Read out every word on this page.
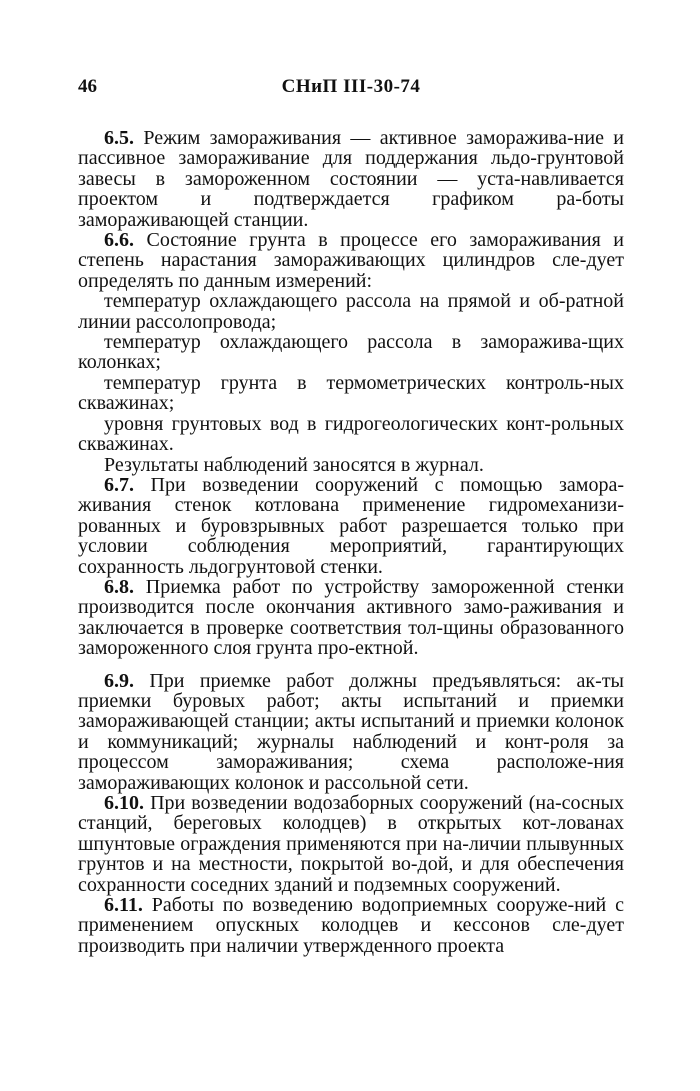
46	СНиП III-30-74

6.5. Режим замораживания — активное заморажива-ние и пассивное замораживание для поддержания льдо-грунтовой завесы в замороженном состоянии — уста-навливается проектом и подтверждается графиком ра-боты замораживающей станции.

6.6. Состояние грунта в процессе его замораживания и степень нарастания замораживающих цилиндров сле-дует определять по данным измерений:

температур охлаждающего рассола на прямой и об-ратной линии рассолопровода;

температур охлаждающего рассола в заморажива-щих колонках;

температур грунта в термометрических контроль-ных скважинах;

уровня грунтовых вод в гидрогеологических конт-рольных скважинах.

Результаты наблюдений заносятся в журнал.

6.7. При возведении сооружений с помощью замора-живания стенок котлована применение гидромеханизи-рованных и буровзрывных работ разрешается только при условии соблюдения мероприятий, гарантирующих сохранность льдогрунтовой стенки.

6.8. Приемка работ по устройству замороженной стенки производится после окончания активного замо-раживания и заключается в проверке соответствия тол-щины образованного замороженного слоя грунта про-ектной.

6.9. При приемке работ должны предъявляться: ак-ты приемки буровых работ; акты испытаний и приемки замораживающей станции; акты испытаний и приемки колонок и коммуникаций; журналы наблюдений и конт-роля за процессом замораживания; схема расположе-ния замораживающих колонок и рассольной сети.

6.10. При возведении водозаборных сооружений (на-сосных станций, береговых колодцев) в открытых кот-лованах шпунтовые ограждения применяются при на-личии плывунных грунтов и на местности, покрытой во-дой, и для обеспечения сохранности соседних зданий и подземных сооружений.

6.11. Работы по возведению водоприемных сооруже-ний с применением опускных колодцев и кессонов сле-дует производить при наличии утвержденного проекта
